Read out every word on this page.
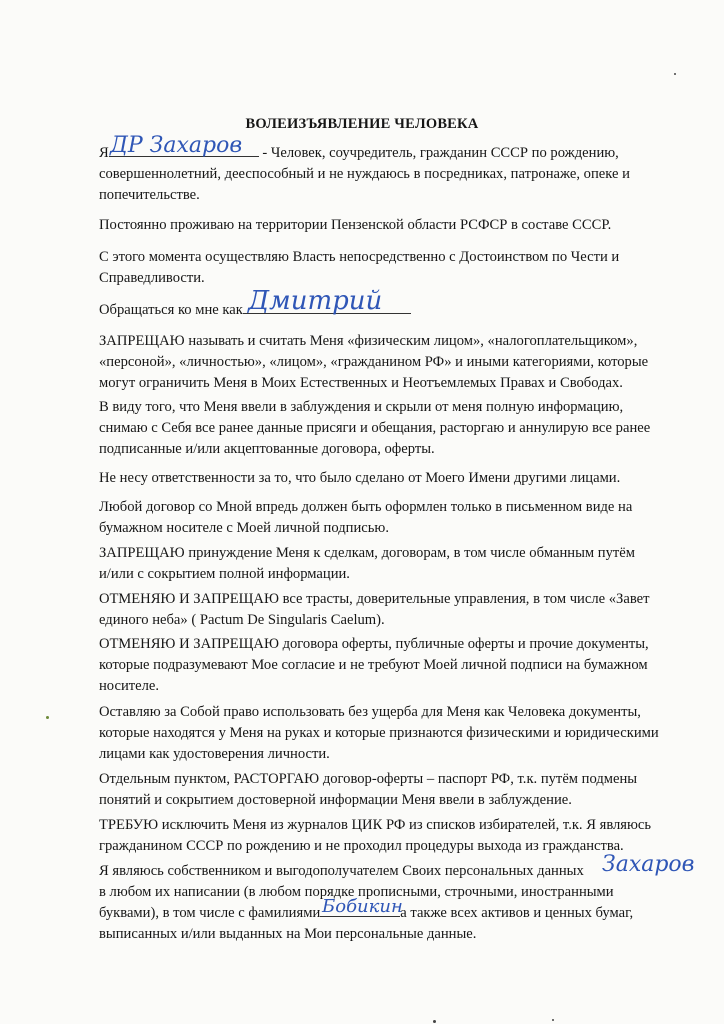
ВОЛЕИЗЪЯВЛЕНИЕ ЧЕЛОВЕКА
Я	- Человек, соучредитель, гражданин СССР по рождению,
совершеннолетний, дееспособный и не нуждаюсь в посредниках, патронаже, опеке и
попечительстве.
ДР Захаров
Постоянно проживаю на территории Пензенской области РСФСР в составе СССР.
С этого момента осуществляю Власть непосредственно с Достоинством по Чести и
Справедливости.
Обращаться ко мне как Дмитрий
ЗАПРЕЩАЮ называть и считать Меня «физическим лицом», «налогоплательщиком»,
«персоной», «личностью», «лицом», «гражданином РФ» и иными категориями, которые
могут ограничить Меня в Моих Естественных и Неотъемлемых Правах и Свободах.
В виду того, что Меня ввели в заблуждения и скрыли от меня полную информацию,
снимаю с Себя все ранее данные присяги и обещания, расторгаю и аннулирую все ранее
подписанные и/или акцептованные договора, оферты.
Не несу ответственности за то, что было сделано от Моего Имени другими лицами.
Любой договор со Мной впредь должен быть оформлен только в письменном виде на
бумажном носителе с Моей личной подписью.
ЗАПРЕЩАЮ принуждение Меня к сделкам, договорам, в том числе обманным путём
и/или с сокрытием полной информации.
ОТМЕНЯЮ И ЗАПРЕЩАЮ все трасты, доверительные управления, в том числе «Завет
единого неба» ( Pactum De Singularis Caelum).
ОТМЕНЯЮ И ЗАПРЕЩАЮ договора оферты, публичные оферты и прочие документы,
которые подразумевают Мое согласие и не требуют Моей личной подписи на бумажном
носителе.
Оставляю за Собой право использовать без ущерба для Меня как Человека документы,
которые находятся у Меня на руках и которые признаются физическими и юридическими
лицами как удостоверения личности.
Отдельным пунктом, РАСТОРГАЮ договор-оферты – паспорт РФ, т.к. путём подмены
понятий и сокрытием достоверной информации Меня ввели в заблуждение.
ТРЕБУЮ исключить Меня из журналов ЦИК РФ из списков избирателей, т.к. Я являюсь
гражданином СССР по рождению и не проходил процедуры выхода из гражданства.
Я являюсь собственником и выгодополучателем Своих персональных данных
в любом их написании (в любом порядке прописными, строчными, иностранными
буквами), в том числе с фамилиями	а также всех активов и ценных бумаг,
выписанных и/или выданных на Мои персональные данные.
Захаров
Бобикин
